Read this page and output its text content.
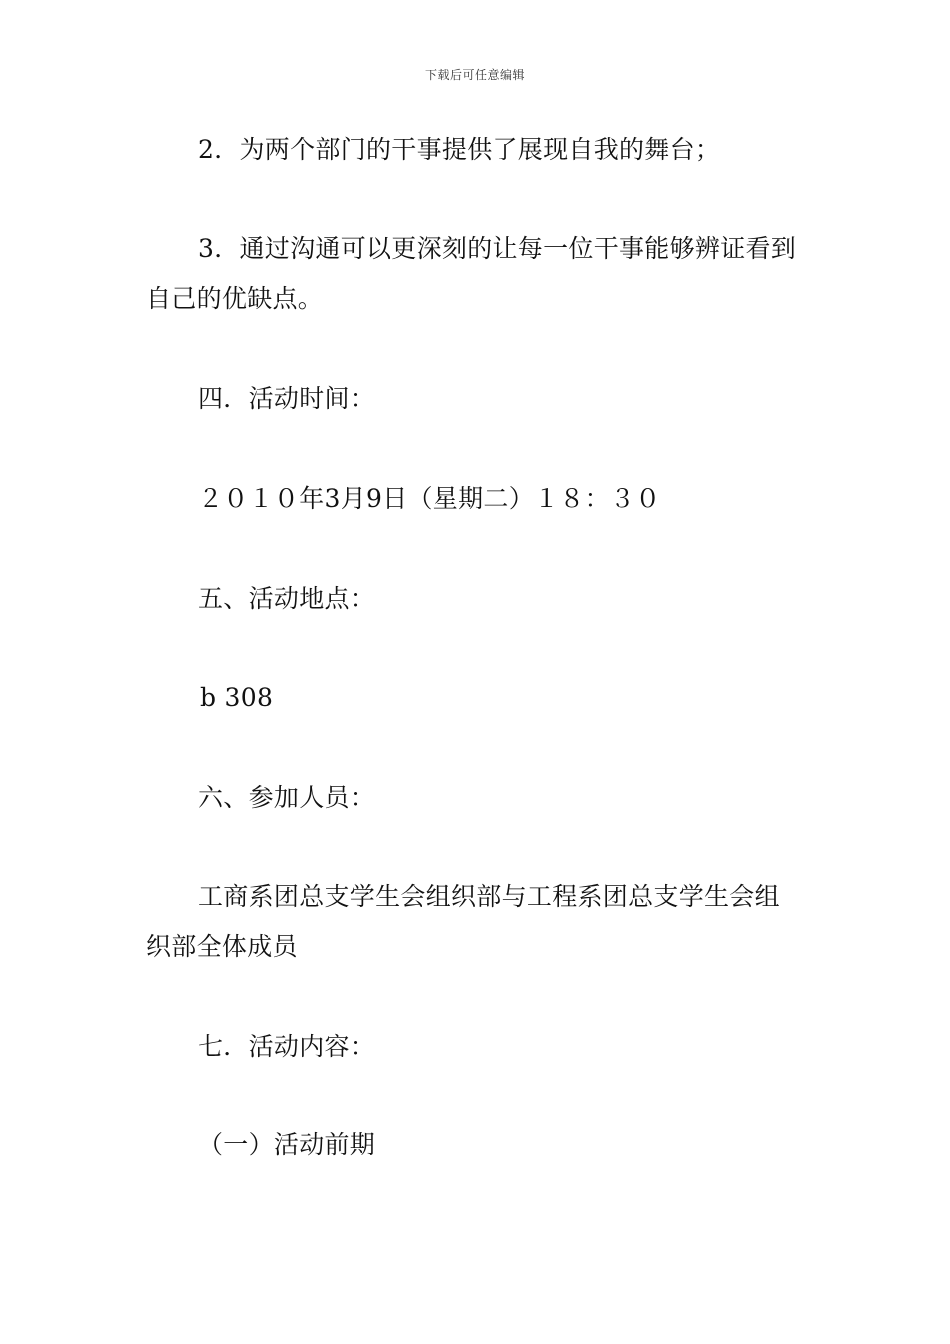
下载后可任意编辑
2．为两个部门的干事提供了展现自我的舞台；
3．通过沟通可以更深刻的让每一位干事能够辨证看到
自己的优缺点。
四．活动时间：
２０１０年3月9日（星期二）１８：３０
五、活动地点：
b 308
六、参加人员：
工商系团总支学生会组织部与工程系团总支学生会组
织部全体成员
七．活动内容：
（一）活动前期
